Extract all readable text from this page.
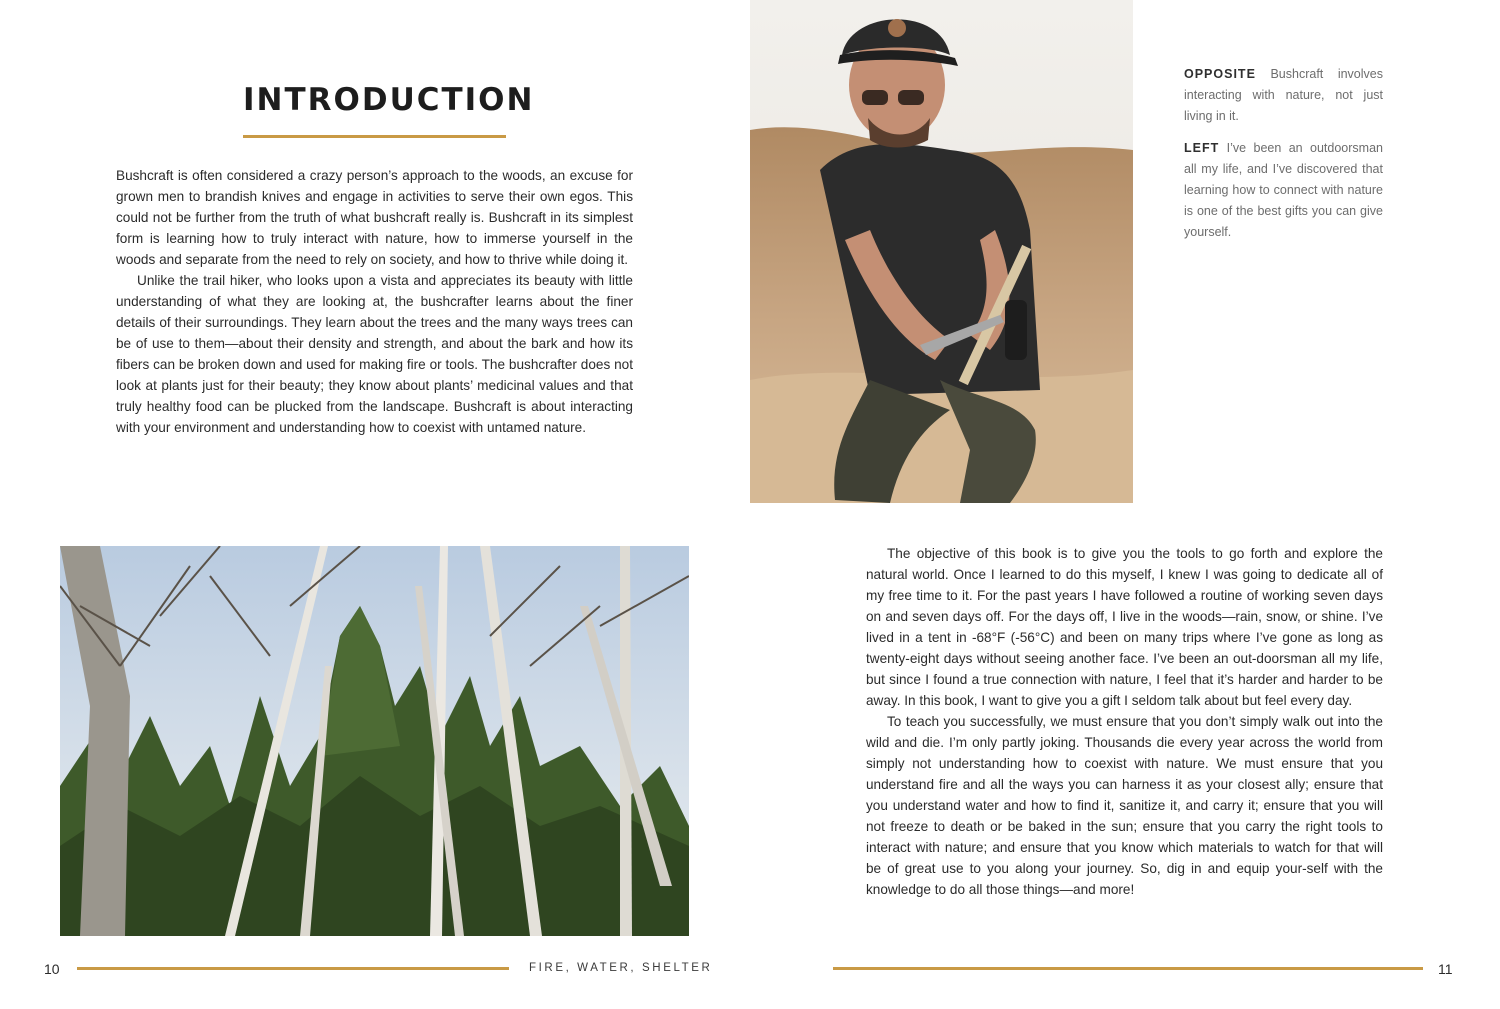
INTRODUCTION

Bushcraft is often considered a crazy person’s approach to the woods, an excuse for grown men to brandish knives and engage in activities to serve their own egos. This could not be further from the truth of what bushcraft really is. Bushcraft in its simplest form is learning how to truly interact with nature, how to immerse yourself in the woods and separate from the need to rely on society, and how to thrive while doing it.

Unlike the trail hiker, who looks upon a vista and appreciates its beauty with little understanding of what they are looking at, the bushcrafter learns about the finer details of their surroundings. They learn about the trees and the many ways trees can be of use to them—about their density and strength, and about the bark and how its fibers can be broken down and used for making fire or tools. The bushcrafter does not look at plants just for their beauty; they know about plants’ medicinal values and that truly healthy food can be plucked from the landscape. Bushcraft is about interacting with your environment and understanding how to coexist with untamed nature.

OPPOSITE Bushcraft involves interacting with nature, not just living in it.

LEFT I’ve been an outdoorsman all my life, and I’ve discovered that learning how to connect with nature is one of the best gifts you can give yourself.

The objective of this book is to give you the tools to go forth and explore the natural world. Once I learned to do this myself, I knew I was going to dedicate all of my free time to it. For the past years I have followed a routine of working seven days on and seven days off. For the days off, I live in the woods—rain, snow, or shine. I’ve lived in a tent in -68°F (-56°C) and been on many trips where I’ve gone as long as twenty-eight days without seeing another face. I’ve been an out-doorsman all my life, but since I found a true connection with nature, I feel that it’s harder and harder to be away. In this book, I want to give you a gift I seldom talk about but feel every day.

To teach you successfully, we must ensure that you don’t simply walk out into the wild and die. I’m only partly joking. Thousands die every year across the world from simply not understanding how to coexist with nature. We must ensure that you understand fire and all the ways you can harness it as your closest ally; ensure that you understand water and how to find it, sanitize it, and carry it; ensure that you will not freeze to death or be baked in the sun; ensure that you carry the right tools to interact with nature; and ensure that you know which materials to watch for that will be of great use to you along your journey. So, dig in and equip your-self with the knowledge to do all those things—and more!

10	FIRE, WATER, SHELTER	11
